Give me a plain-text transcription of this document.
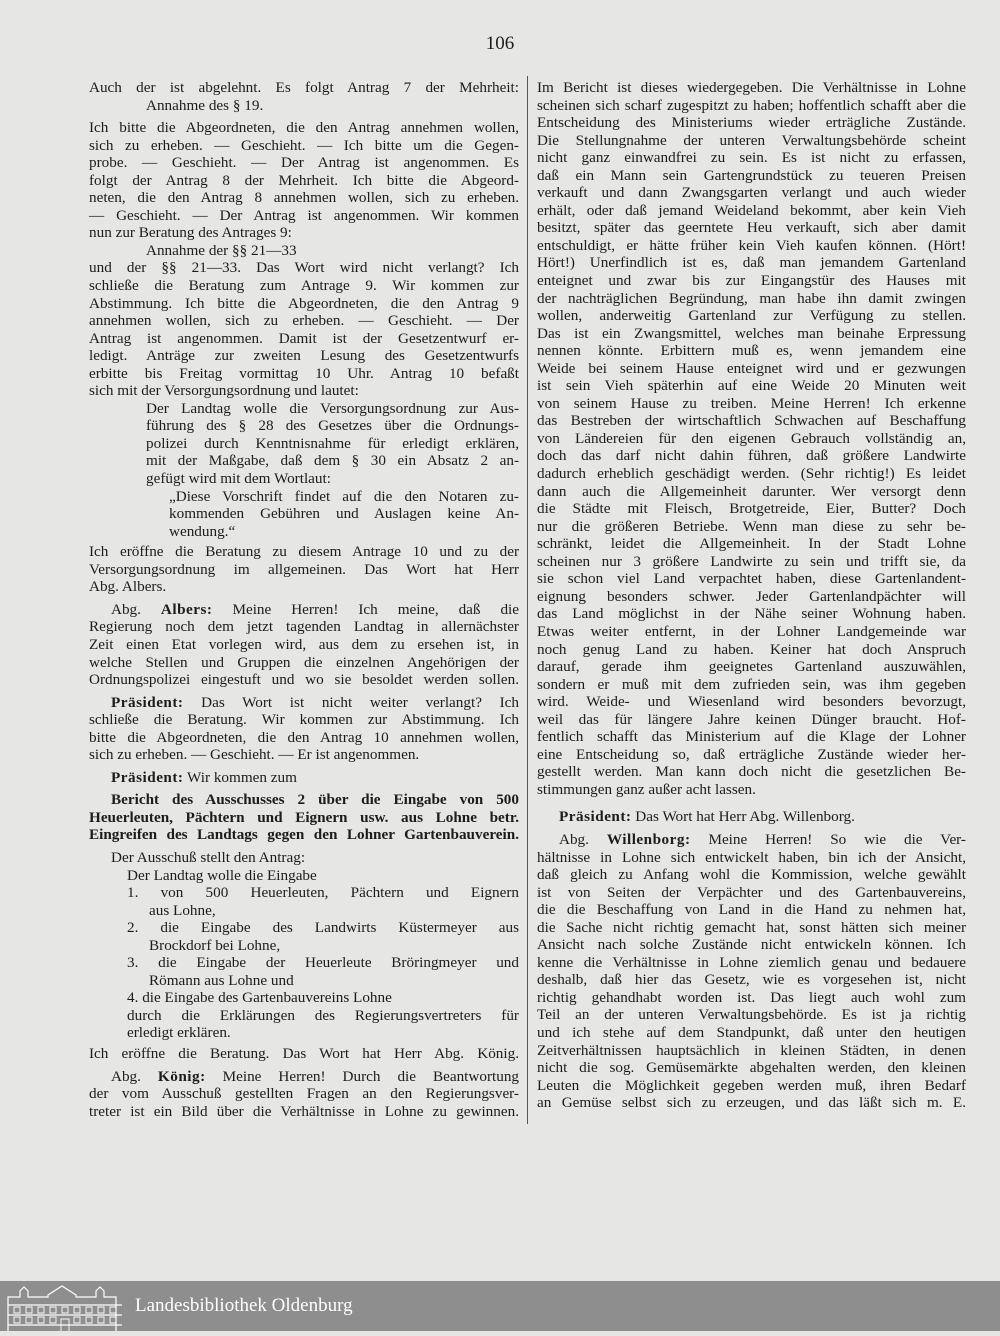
106
Auch der ist abgelehnt. Es folgt Antrag 7 der Mehrheit:
Annahme des § 19.
Ich bitte die Abgeordneten, die den Antrag annehmen wollen,
sich zu erheben. — Geschieht. — Ich bitte um die Gegen-
probe. — Geschieht. — Der Antrag ist angenommen. Es
folgt der Antrag 8 der Mehrheit. Ich bitte die Abgeord-
neten, die den Antrag 8 annehmen wollen, sich zu erheben.
— Geschieht. — Der Antrag ist angenommen. Wir kommen
nun zur Beratung des Antrages 9:
Annahme der §§ 21—33
und der §§ 21—33. Das Wort wird nicht verlangt? Ich
schließe die Beratung zum Antrage 9. Wir kommen zur
Abstimmung. Ich bitte die Abgeordneten, die den Antrag 9
annehmen wollen, sich zu erheben. — Geschieht. — Der
Antrag ist angenommen. Damit ist der Gesetzentwurf er-
ledigt. Anträge zur zweiten Lesung des Gesetzentwurfs
erbitte bis Freitag vormittag 10 Uhr. Antrag 10 befaßt
sich mit der Versorgungsordnung und lautet:
Der Landtag wolle die Versorgungsordnung zur Aus-
führung des § 28 des Gesetzes über die Ordnungs-
polizei durch Kenntnisnahme für erledigt erklären,
mit der Maßgabe, daß dem § 30 ein Absatz 2 an-
gefügt wird mit dem Wortlaut:
„Diese Vorschrift findet auf die den Notaren zu-
kommenden Gebühren und Auslagen keine An-
wendung.“
Ich eröffne die Beratung zu diesem Antrage 10 und zu der
Versorgungsordnung im allgemeinen. Das Wort hat Herr
Abg. Albers.
Abg. Albers: Meine Herren! Ich meine, daß die
Regierung noch dem jetzt tagenden Landtag in allernächster
Zeit einen Etat vorlegen wird, aus dem zu ersehen ist, in
welche Stellen und Gruppen die einzelnen Angehörigen der
Ordnungspolizei eingestuft und wo sie besoldet werden sollen.
Präsident: Das Wort ist nicht weiter verlangt? Ich
schließe die Beratung. Wir kommen zur Abstimmung. Ich
bitte die Abgeordneten, die den Antrag 10 annehmen wollen,
sich zu erheben. — Geschieht. — Er ist angenommen.
Präsident: Wir kommen zum
Bericht des Ausschusses 2 über die Eingabe von 500
Heuerleuten, Pächtern und Eignern usw. aus Lohne betr.
Eingreifen des Landtags gegen den Lohner Gartenbauverein.
Der Ausschuß stellt den Antrag:
Der Landtag wolle die Eingabe
1. von 500 Heuerleuten, Pächtern und Eignern
aus Lohne,
2. die Eingabe des Landwirts Küstermeyer aus
Brockdorf bei Lohne,
3. die Eingabe der Heuerleute Bröringmeyer und
Römann aus Lohne und
4. die Eingabe des Gartenbauvereins Lohne
durch die Erklärungen des Regierungsvertreters für
erledigt erklären.
Ich eröffne die Beratung. Das Wort hat Herr Abg. König.
Abg. König: Meine Herren! Durch die Beantwortung
der vom Ausschuß gestellten Fragen an den Regierungsver-
treter ist ein Bild über die Verhältnisse in Lohne zu gewinnen.
Im Bericht ist dieses wiedergegeben. Die Verhältnisse in Lohne
scheinen sich scharf zugespitzt zu haben; hoffentlich schafft aber die
Entscheidung des Ministeriums wieder erträgliche Zustände.
Die Stellungnahme der unteren Verwaltungsbehörde scheint
nicht ganz einwandfrei zu sein. Es ist nicht zu erfassen,
daß ein Mann sein Gartengrundstück zu teueren Preisen
verkauft und dann Zwangsgarten verlangt und auch wieder
erhält, oder daß jemand Weideland bekommt, aber kein Vieh
besitzt, später das geerntete Heu verkauft, sich aber damit
entschuldigt, er hätte früher kein Vieh kaufen können. (Hört!
Hört!) Unerfindlich ist es, daß man jemandem Gartenland
enteignet und zwar bis zur Eingangstür des Hauses mit
der nachträglichen Begründung, man habe ihn damit zwingen
wollen, anderweitig Gartenland zur Verfügung zu stellen.
Das ist ein Zwangsmittel, welches man beinahe Erpressung
nennen könnte. Erbittern muß es, wenn jemandem eine
Weide bei seinem Hause enteignet wird und er gezwungen
ist sein Vieh späterhin auf eine Weide 20 Minuten weit
von seinem Hause zu treiben. Meine Herren! Ich erkenne
das Bestreben der wirtschaftlich Schwachen auf Beschaffung
von Ländereien für den eigenen Gebrauch vollständig an,
doch das darf nicht dahin führen, daß größere Landwirte
dadurch erheblich geschädigt werden. (Sehr richtig!) Es leidet
dann auch die Allgemeinheit darunter. Wer versorgt denn
die Städte mit Fleisch, Brotgetreide, Eier, Butter? Doch
nur die größeren Betriebe. Wenn man diese zu sehr be-
schränkt, leidet die Allgemeinheit. In der Stadt Lohne
scheinen nur 3 größere Landwirte zu sein und trifft sie, da
sie schon viel Land verpachtet haben, diese Gartenlandent-
eignung besonders schwer. Jeder Gartenlandpächter will
das Land möglichst in der Nähe seiner Wohnung haben.
Etwas weiter entfernt, in der Lohner Landgemeinde war
noch genug Land zu haben. Keiner hat doch Anspruch
darauf, gerade ihm geeignetes Gartenland auszuwählen,
sondern er muß mit dem zufrieden sein, was ihm gegeben
wird. Weide- und Wiesenland wird besonders bevorzugt,
weil das für längere Jahre keinen Dünger braucht. Hof-
fentlich schafft das Ministerium auf die Klage der Lohner
eine Entscheidung so, daß erträgliche Zustände wieder her-
gestellt werden. Man kann doch nicht die gesetzlichen Be-
stimmungen ganz außer acht lassen.
Präsident: Das Wort hat Herr Abg. Willenborg.
Abg. Willenborg: Meine Herren! So wie die Ver-
hältnisse in Lohne sich entwickelt haben, bin ich der Ansicht,
daß gleich zu Anfang wohl die Kommission, welche gewählt
ist von Seiten der Verpächter und des Gartenbauvereins,
die die Beschaffung von Land in die Hand zu nehmen hat,
die Sache nicht richtig gemacht hat, sonst hätten sich meiner
Ansicht nach solche Zustände nicht entwickeln können. Ich
kenne die Verhältnisse in Lohne ziemlich genau und bedauere
deshalb, daß hier das Gesetz, wie es vorgesehen ist, nicht
richtig gehandhabt worden ist. Das liegt auch wohl zum
Teil an der unteren Verwaltungsbehörde. Es ist ja richtig
und ich stehe auf dem Standpunkt, daß unter den heutigen
Zeitverhältnissen hauptsächlich in kleinen Städten, in denen
nicht die sog. Gemüsemärkte abgehalten werden, den kleinen
Leuten die Möglichkeit gegeben werden muß, ihren Bedarf
an Gemüse selbst sich zu erzeugen, und das läßt sich m. E.
Landesbibliothek Oldenburg
